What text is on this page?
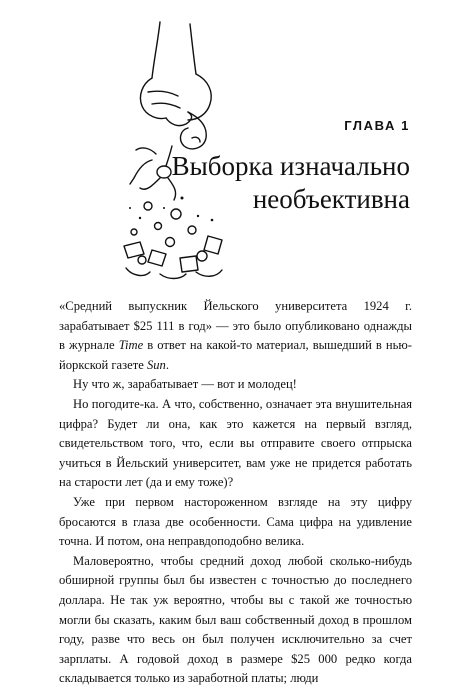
ГЛАВА 1
Выборка изначально
необъективна

«Средний выпускник Йельского университета 1924 г. зарабатывает $25 111 в год» — это было опубликовано однажды в журнале Time в ответ на какой-то материал, вышедший в нью-йоркской газете Sun.

Ну что ж, зарабатывает — вот и молодец!

Но погодите-ка. А что, собственно, означает эта внушительная цифра? Будет ли она, как это кажется на первый взгляд, свидетельством того, что, если вы отправите своего отпрыска учиться в Йельский университет, вам уже не придется работать на старости лет (да и ему тоже)?

Уже при первом настороженном взгляде на эту цифру бросаются в глаза две особенности. Сама цифра на удивление точна. И потом, она неправдоподобно велика.

Маловероятно, чтобы средний доход любой сколько-нибудь обширной группы был бы известен с точностью до последнего доллара. Не так уж вероятно, чтобы вы с такой же точностью могли бы сказать, каким был ваш собственный доход в прошлом году, разве что весь он был получен исключительно за счет зарплаты. А годовой доход в размере $25 000 редко когда складывается только из заработной платы; люди
